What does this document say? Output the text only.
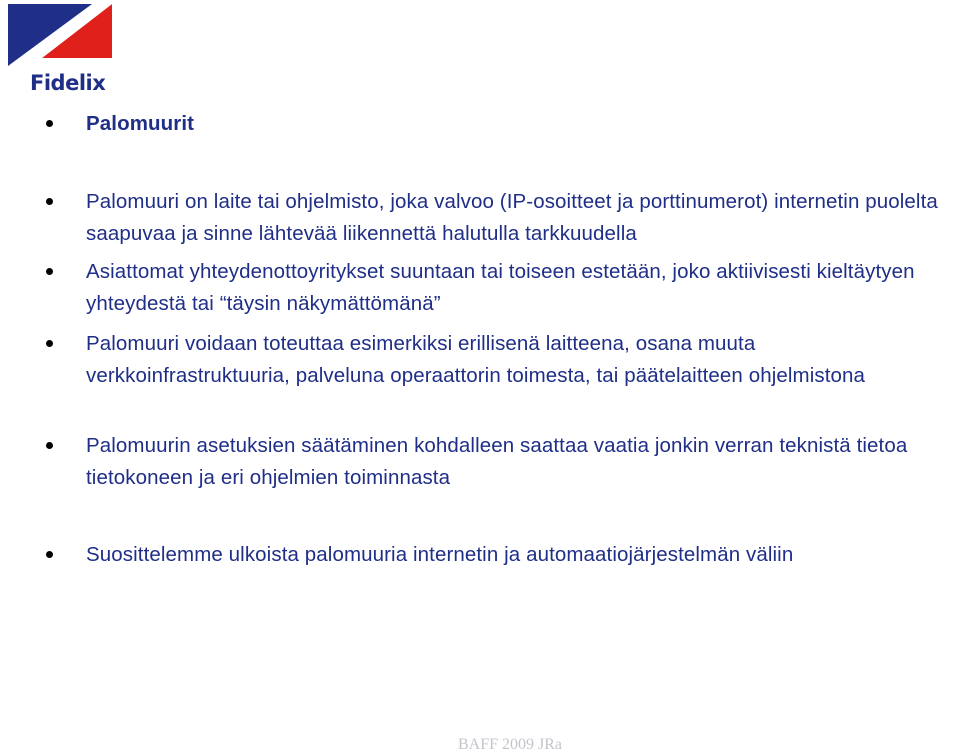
Fidelix
Palomuurit
Palomuuri on laite tai ohjelmisto, joka valvoo (IP-osoitteet ja porttinumerot) internetin puolelta saapuvaa ja sinne lähtevää liikennettä halutulla tarkkuudella
Asiattomat yhteydenottoyritykset suuntaan tai toiseen estetään, joko aktiivisesti kieltäytyen yhteydestä tai “täysin näkymättömänä”
Palomuuri voidaan toteuttaa esimerkiksi erillisenä laitteena, osana muuta verkkoinfrastruktuuria, palveluna operaattorin toimesta, tai päätelaitteen ohjelmistona
Palomuurin asetuksien säätäminen kohdalleen saattaa vaatia jonkin verran teknistä tietoa tietokoneen ja eri ohjelmien toiminnasta
Suosittelemme ulkoista palomuuria internetin ja automaatiojärjestelmän väliin
BAFF 2009 JRa
